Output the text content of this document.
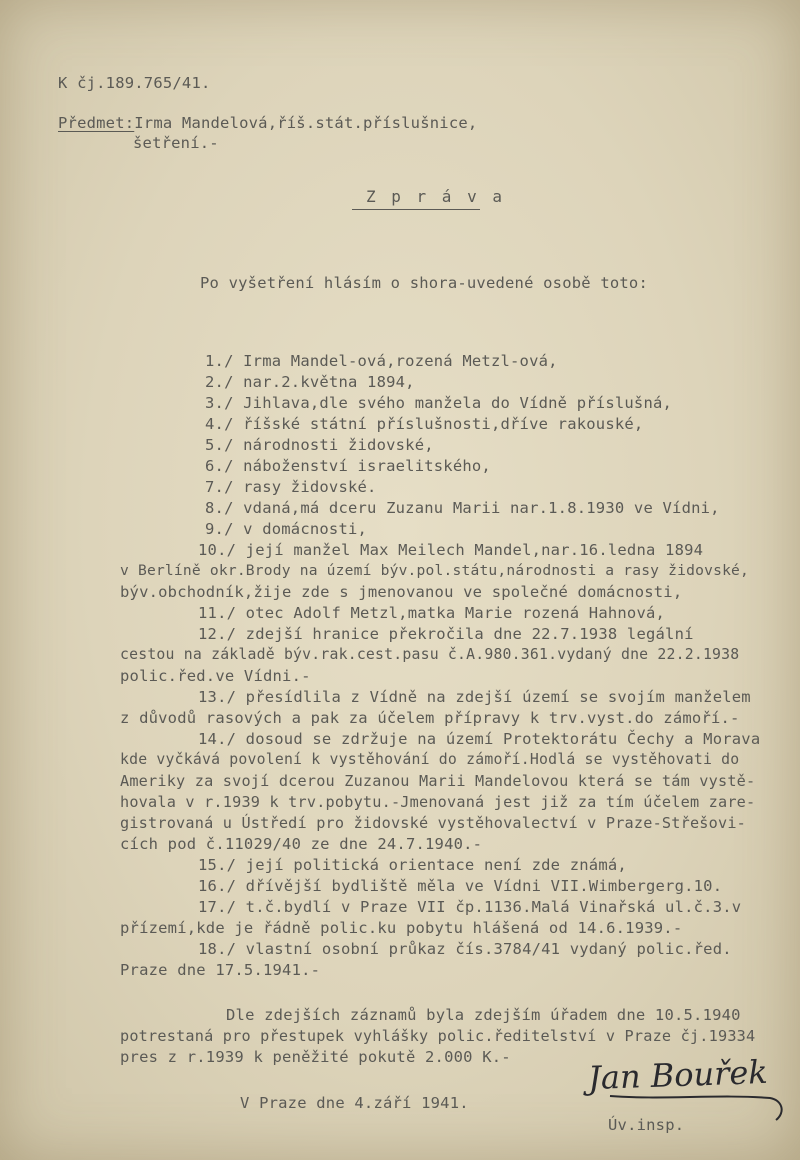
K čj.189.765/41.
Předmet:Irma Mandelová,říš.stát.příslušnice,
šetření.-
Z p r á v a
Po vyšetření hlásím o shora-uvedené osobě toto:
1./ Irma Mandel-ová,rozená Metzl-ová,
2./ nar.2.května 1894,
3./ Jihlava,dle svého manžela do Vídně příslušná,
4./ říšské státní příslušnosti,dříve rakouské,
5./ národnosti židovské,
6./ náboženství israelitského,
7./ rasy židovské.
8./ vdaná,má dceru Zuzanu Marii nar.1.8.1930 ve Vídni,
9./ v domácnosti,
10./ její manžel Max Meilech Mandel,nar.16.ledna 1894
v Berlíně okr.Brody na území býv.pol.státu,národnosti a rasy židovské,
býv.obchodník,žije zde s jmenovanou ve společné domácnosti,
11./ otec Adolf Metzl,matka Marie rozená Hahnová,
12./ zdejší hranice překročila dne 22.7.1938 legální
cestou na základě býv.rak.cest.pasu č.A.980.361.vydaný dne 22.2.1938
polic.řed.ve Vídni.-
13./ přesídlila z Vídně na zdejší území se svojím manželem
z důvodů rasových a pak za účelem přípravy k trv.vyst.do zámoří.-
14./ dosoud se zdržuje na území Protektorátu Čechy a Morava
kde vyčkává povolení k vystěhování do zámoří.Hodlá se vystěhovati do
Ameriky za svojí dcerou Zuzanou Marii Mandelovou která se tám vystě-
hovala v r.1939 k trv.pobytu.-Jmenovaná jest již za tím účelem zare-
gistrovaná u Ústředí pro židovské vystěhovalectví v Praze-Střešovi-
cích pod č.11029/40 ze dne 24.7.1940.-
15./ její politická orientace není zde známá,
16./ dřívější bydliště měla ve Vídni VII.Wimbergerg.10.
17./ t.č.bydlí v Praze VII čp.1136.Malá Vinařská ul.č.3.v
přízemí,kde je řádně polic.ku pobytu hlášená od 14.6.1939.-
18./ vlastní osobní průkaz čís.3784/41 vydaný polic.řed.
Praze dne 17.5.1941.-
Dle zdejších záznamů byla zdejším úřadem dne 10.5.1940
potrestaná pro přestupek vyhlášky polic.ředitelství v Praze čj.19334
pres z r.1939 k peněžité pokutě 2.000 K.-
V Praze dne 4.září 1941.
Jan Bouřek
Úv.insp.
